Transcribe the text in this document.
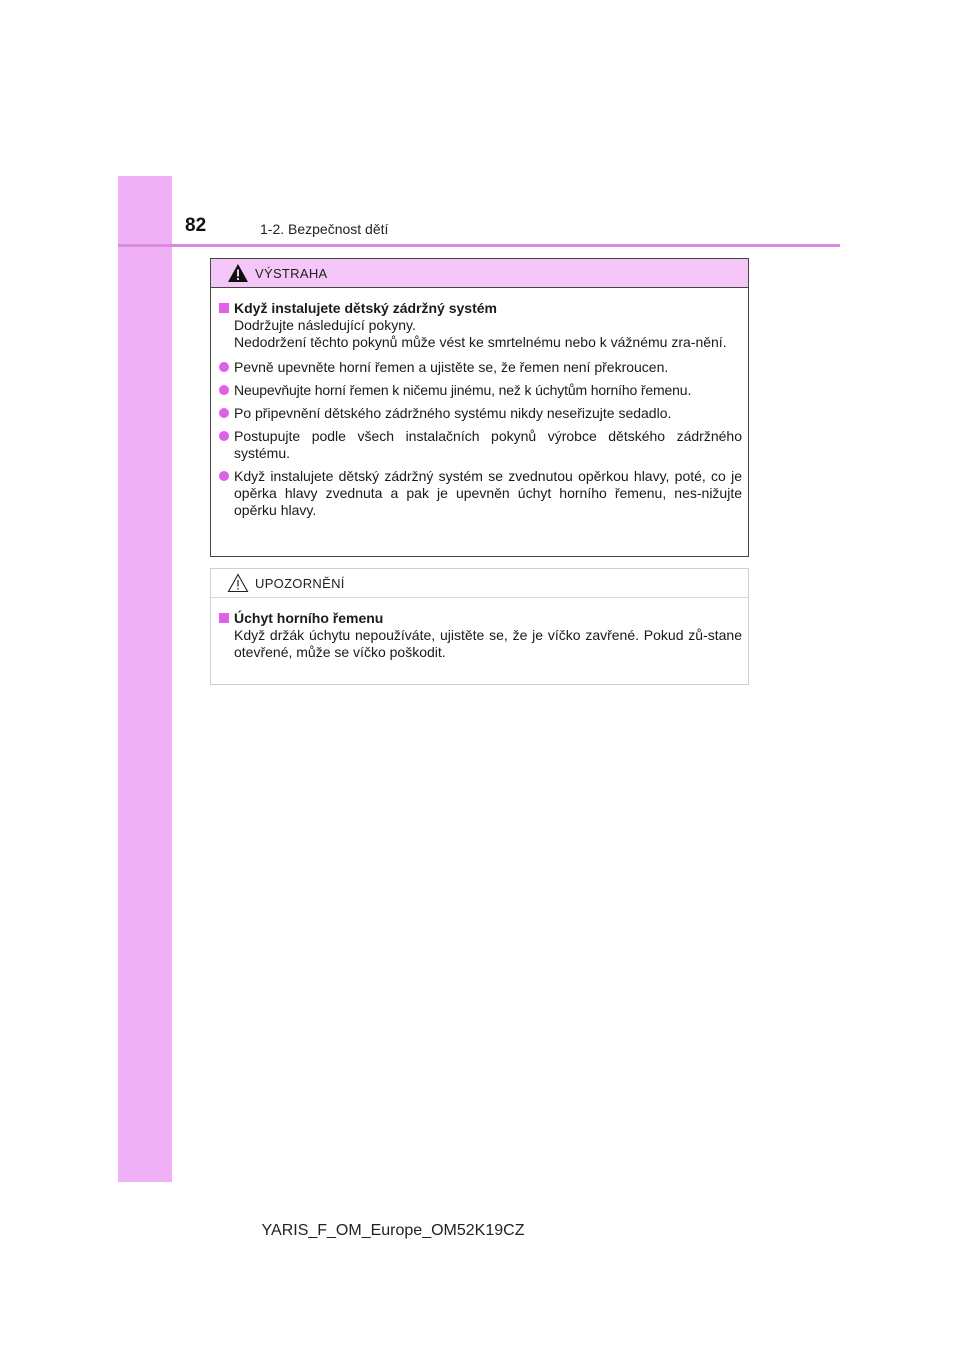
82	1-2. Bezpečnost dětí
VÝSTRAHA
Když instalujete dětský zádržný systém
Dodržujte následující pokyny.
Nedodržení těchto pokynů může vést ke smrtelnému nebo k vážnému zra-nění.
Pevně upevněte horní řemen a ujistěte se, že řemen není překroucen.
Neupevňujte horní řemen k ničemu jinému, než k úchytům horního řemenu.
Po připevnění dětského zádržného systému nikdy neseřizujte sedadlo.
Postupujte podle všech instalačních pokynů výrobce dětského zádržného systému.
Když instalujete dětský zádržný systém se zvednutou opěrkou hlavy, poté, co je opěrka hlavy zvednuta a pak je upevněn úchyt horního řemenu, nes-nižujte opěrku hlavy.
UPOZORNĚNÍ
Úchyt horního řemenu
Když držák úchytu nepoužíváte, ujistěte se, že je víčko zavřené. Pokud zů-stane otevřené, může se víčko poškodit.
YARIS_F_OM_Europe_OM52K19CZ
